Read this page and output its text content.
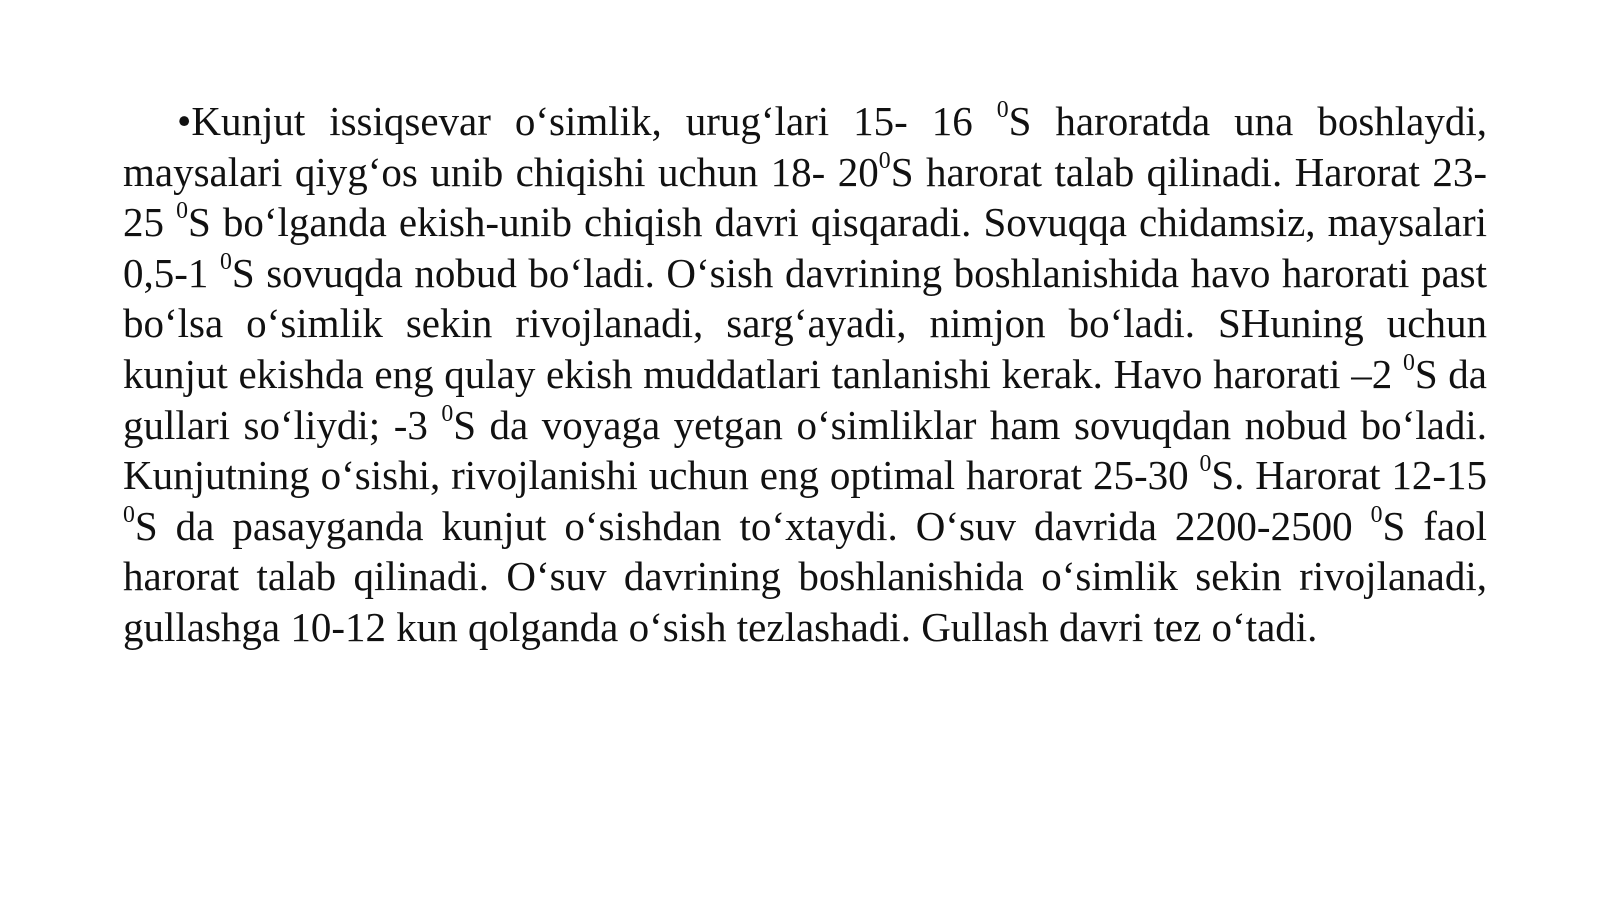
•Kunjut issiqsevar o‘simlik, urug‘lari 15- 16 $^0$S haroratda una boshlaydi, maysalari qiyg‘os unib chiqishi uchun 18- $20^0S$ harorat talab qilinadi. Harorat 23-25 $^0$S bo‘lganda ekish-unib chiqish davri qisqaradi. Sovuqqa chidamsiz, maysalari 0,5-1 $^0$S sovuqda nobud bo‘ladi. O‘sish davrining boshlanishida havo harorati past bo‘lsa o‘simlik sekin rivojlanadi, sarg‘ayadi, nimjon bo‘ladi. SHuning uchun kunjut ekishda eng qulay ekish muddatlari tanlanishi kerak. Havo harorati –2 $^0$S da gullari so‘liydi; -3 $^0$S da voyaga yetgan o‘simliklar ham sovuqdan nobud bo‘ladi. Kunjutning o‘sishi, rivojlanishi uchun eng optimal harorat 25-30 $^0$S. Harorat 12-15 $^0$S da pasayganda kunjut o‘sishdan to‘xtaydi. O‘suv davrida 2200-2500 $^0$S faol harorat talab qilinadi. O‘suv davrining boshlanishida o‘simlik sekin rivojlanadi, gullashga 10-12 kun qolganda o‘sish tezlashadi. Gullash davri tez o‘tadi.
